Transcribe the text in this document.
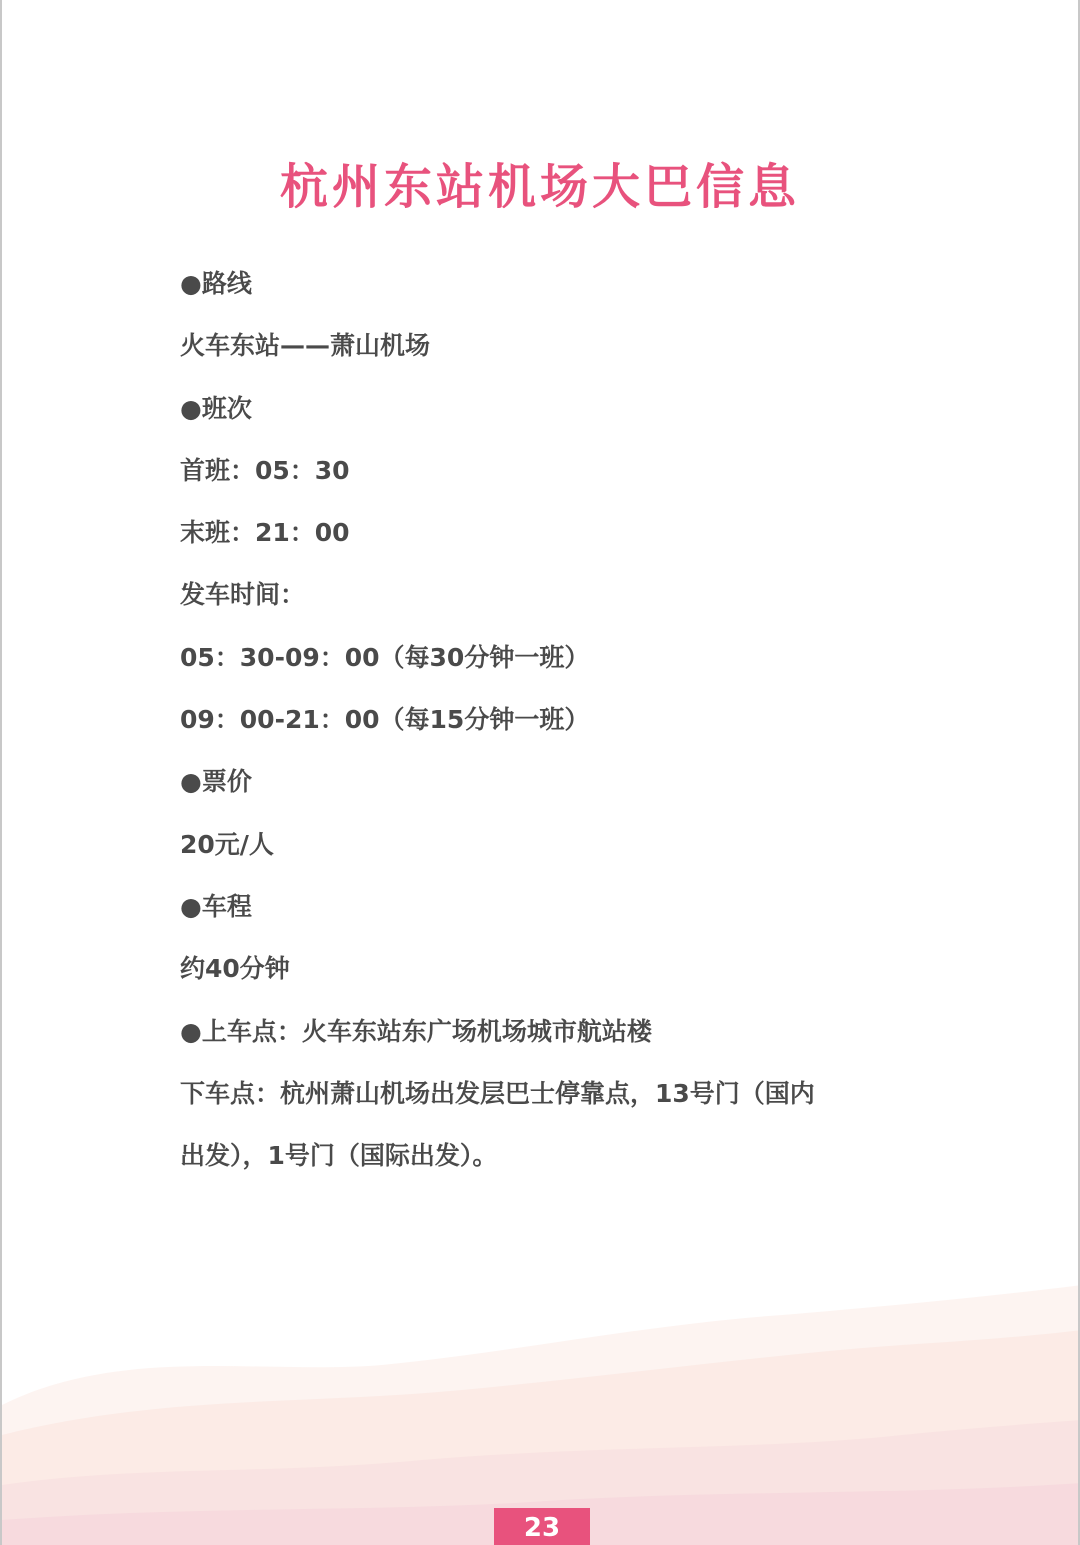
杭州东站机场大巴信息
●路线
火车东站——萧山机场
●班次
首班：05：30
末班：21：00
发车时间：
05：30-09：00（每30分钟一班）
09：00-21：00（每15分钟一班）
●票价
20元/人
●车程
约40分钟
●上车点：火车东站东广场机场城市航站楼
下车点：杭州萧山机场出发层巴士停靠点，13号门（国内
出发），1号门（国际出发）。
23
